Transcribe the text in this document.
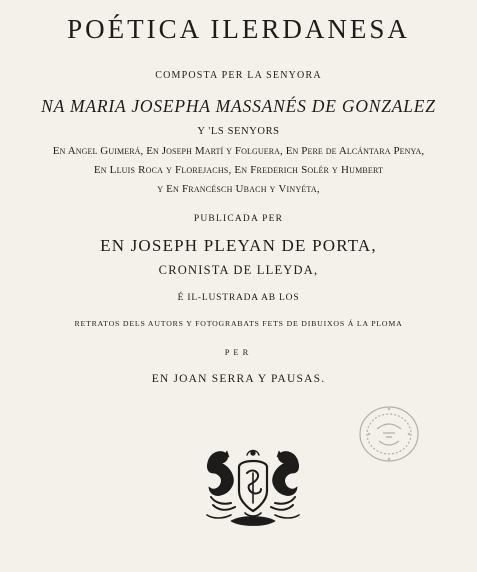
POÉTICA ILERDANESA
COMPOSTA PER LA SENYORA
NA MARIA JOSEPHA MASSANÉS DE GONZALEZ
Y 'LS SENYORS
En Angel Guimerá, En Joseph Martí y Folguera, En Pere de Alcántara Penya,
En Lluis Roca y Florejachs, En Frederich Solér y Humbert
y En Francésch Ubach y Vinyéta,
PUBLICADA PER
EN JOSEPH PLEYAN DE PORTA,
CRONISTA DE LLEYDA,
É IL-LUSTRADA AB LOS
RETRATOS DELS AUTORS Y FOTOGRABATS FETS DE DIBUIXOS Á LA PLOMA
PER
EN JOAN SERRA Y PAUSAS.
